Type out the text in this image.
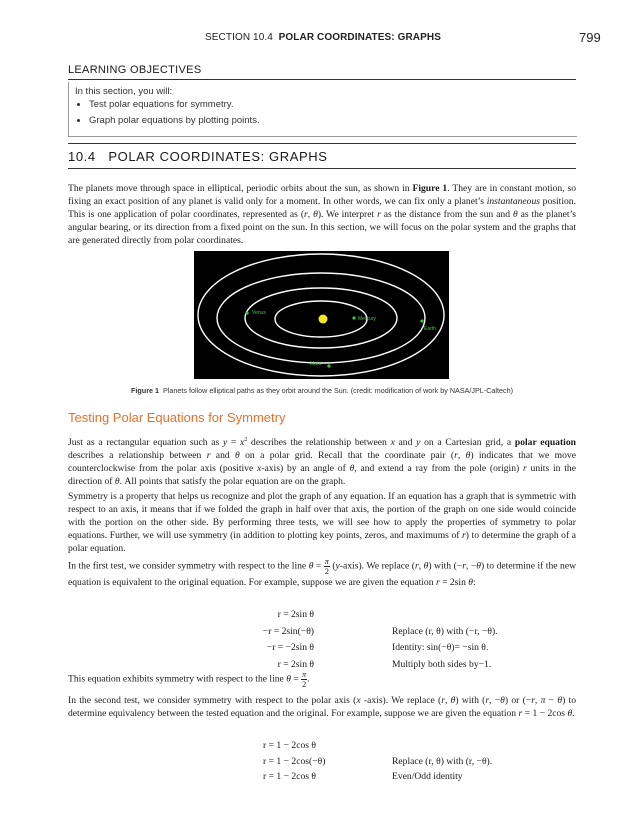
SECTION 10.4 POLAR COORDINATES: GRAPHS	799
LEARNING OBJECTIVES
In this section, you will:
• Test polar equations for symmetry.
• Graph polar equations by plotting points.
10.4 POLAR COORDINATES: GRAPHS

The planets move through space in elliptical, periodic orbits about the sun, as shown in Figure 1. They are in constant motion, so fixing an exact position of any planet is valid only for a moment. In other words, we can fix only a planet’s instantaneous position. This is one application of polar coordinates, represented as (r, θ). We interpret r as the distance from the sun and θ as the planet’s angular bearing, or its direction from a fixed point on the sun. In this section, we will focus on the polar system and the graphs that are generated directly from polar coordinates.

Venus
Mercury
Earth
Mars
Figure 1 Planets follow elliptical paths as they orbit around the Sun. (credit: modification of work by NASA/JPL-Caltech)
Testing Polar Equations for Symmetry

Just as a rectangular equation such as $y = x^2$ describes the relationship between x and y on a Cartesian grid, a polar equation describes a relationship between r and θ on a polar grid. Recall that the coordinate pair (r, θ) indicates that we move counterclockwise from the polar axis (positive x-axis) by an angle of θ, and extend a ray from the pole (origin) r units in the direction of θ. All points that satisfy the polar equation are on the graph.

Symmetry is a property that helps us recognize and plot the graph of any equation. If an equation has a graph that is symmetric with respect to an axis, it means that if we folded the graph in half over that axis, the portion of the graph on one side would coincide with the portion on the other side. By performing three tests, we will see how to apply the properties of symmetry to polar equations. Further, we will use symmetry (in addition to plotting key points, zeros, and maximums of r) to determine the graph of a polar equation.

In the first test, we consider symmetry with respect to the line $\theta = \frac{\pi}{2}$ (y-axis). We replace (r, θ) with (−r, −θ) to determine if the new equation is equivalent to the original equation. For example, suppose we are given the equation r = 2sin θ:

r = 2sin θ
−r = 2sin(−θ)	Replace (r, θ) with (−r, −θ).
−r = −2sin θ	Identity: sin(−θ)= −sin θ.
r = 2sin θ	Multiply both sides by−1.

This equation exhibits symmetry with respect to the line $\theta = \frac{\pi}{2}$ .

In the second test, we consider symmetry with respect to the polar axis (x -axis). We replace (r, θ) with (r, −θ) or (−r, π − θ) to determine equivalency between the tested equation and the original. For example, suppose we are given the equation r = 1 − 2cos θ.

r = 1 − 2cos θ
r = 1 − 2cos(−θ)	Replace (r, θ) with (r, −θ).
r = 1 − 2cos θ	Even/Odd identity
